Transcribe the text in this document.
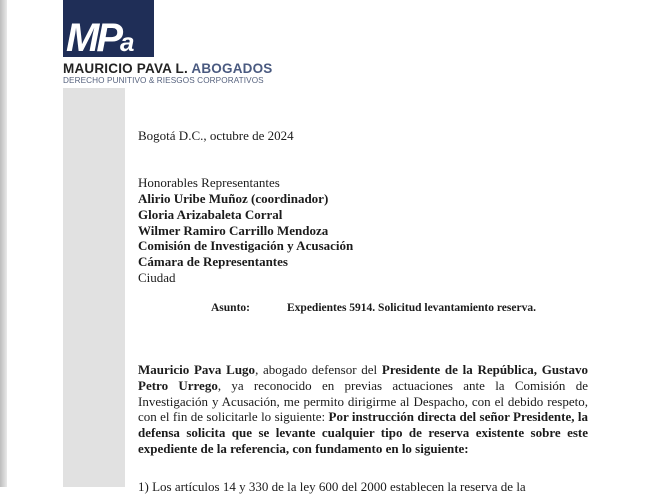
MPa
MAURICIO PAVA L. ABOGADOS
DERECHO PUNITIVO & RIESGOS CORPORATIVOS
Bogotá D.C., octubre de 2024
Honorables Representantes
Alirio Uribe Muñoz (coordinador)
Gloria Arizabaleta Corral
Wilmer Ramiro Carrillo Mendoza
Comisión de Investigación y Acusación
Cámara de Representantes
Ciudad
Asunto:	Expedientes 5914. Solicitud levantamiento reserva.
Mauricio Pava Lugo, abogado defensor del Presidente de la República, Gustavo Petro Urrego, ya reconocido en previas actuaciones ante la Comisión de Investigación y Acusación, me permito dirigirme al Despacho, con el debido respeto, con el fin de solicitarle lo siguiente: Por instrucción directa del señor Presidente, la defensa solicita que se levante cualquier tipo de reserva existente sobre este expediente de la referencia, con fundamento en lo siguiente:
1) Los artículos 14 y 330 de la ley 600 del 2000 establecen la reserva de la
